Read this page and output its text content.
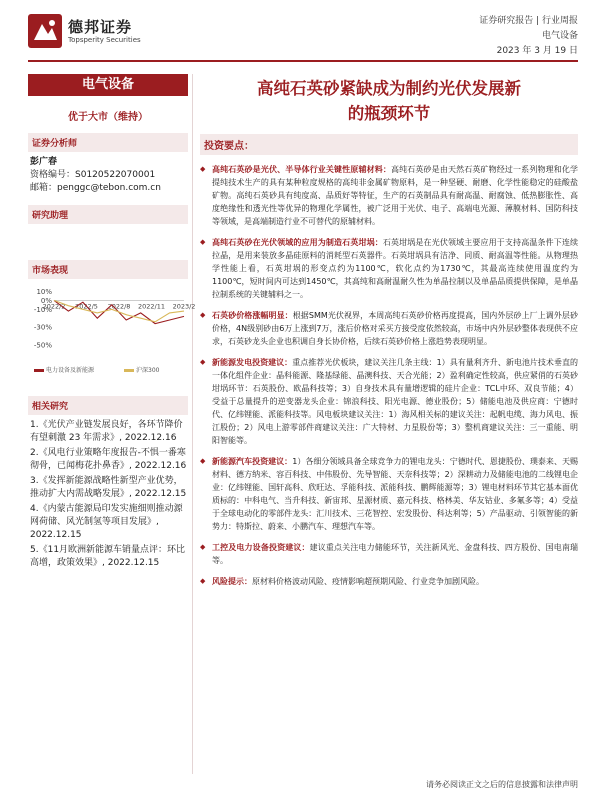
德邦证券
Topsperity Securities
证券研究报告 | 行业周报
电气设备
2023 年 3 月 19 日
电气设备
优于大市（维持）
证券分析师
彭广春
资格编号：S0120522070001
邮箱：penggc@tebon.com.cn
研究助理
市场表现
10%
0%
-10%
-30%
-50%
2022/2 2022/5 2022/8 2022/11 2023/2
电力设备及新能源	沪深300
相关研究
1.《光伏产业链发展良好，各环节降价有望刺激 23 年需求》, 2022.12.16
2.《风电行业策略年度报告-不惧一番寒彻骨，已闻梅花扑鼻香》, 2022.12.16
3.《发挥新能源战略性新型产业优势，推动扩大内需战略发展》, 2022.12.15
4.《内蒙古能源局印发实施细则推动源网荷储、风光制氢等项目发展》, 2022.12.15
5.《11月欧洲新能源车销量点评：环比高增，政策效果》, 2022.12.15
高纯石英砂紧缺成为制约光伏发展新
的瓶颈环节
投资要点：
◆ 高纯石英砂是光伏、半导体行业关键性原辅材料：高纯石英砂是由天然石英矿物经过一系列物理和化学提纯技术生产的具有某种粒度规格的高纯非金属矿物原料，是一种坚硬、耐磨、化学性能稳定的硅酸盐矿物。高纯石英砂具有纯度高、品质好等特征，生产的石英制品具有耐高温、耐腐蚀、低热膨胀性、高度绝缘性和透光性等优异的物理化学属性，被广泛用于光伏、电子、高端电光源、薄膜材料、国防科技等领域，是高端制造行业不可替代的原辅材料。
◆ 高纯石英砂在光伏领域的应用为制造石英坩埚：石英坩埚是在光伏领域主要应用于支持高温条件下连续拉晶，是用来装放多晶硅原料的消耗型石英器件。石英坩埚具有洁净、同质、耐高温等性能。从物理热学性能上看，石英坩埚的形变点约为1100℃，软化点约为1730℃，其最高连续使用温度约为1100℃，短时间内可达到1450℃，其高纯和高耐温耐久性为单晶拉制以及单晶品质提供保障，是单晶拉制系统的关键辅料之一。
◆ 石英砂价格涨幅明显：根据SMM光伏视界，本周高纯石英砂价格再度提高，国内外层砂上厂上调外层砂价格，4N级别砂由6万上涨到7万，涨后价格对采买方接受度依然较高，市场中内外层砂整体表现供不应求，石英砂龙头企业也积调自身长协价格，后续石英砂价格上涨趋势表现明显。
◆ 新能源发电投资建议：重点推荐光伏板块，建议关注几条主线：1）具有量利齐升、新电池片技术垂直的一体化组件企业：晶科能源、隆基绿能、晶澳科技、天合光能；2）盈利确定性较高，供应紧俏的石英砂坩埚环节：石英股份、欧晶科技等；3）自身技术具有量增逻辑的硅片企业：TCL中环、双良节能；4）受益于总量提升的逆变器龙头企业：锦浪科技、阳光电源、德业股份；5）储能电池及供应商：宁德时代、亿纬锂能、派能科技等。风电板块建议关注：1）海风相关标的建议关注：起帆电缆、海力风电、振江股份；2）风电上游零部件商建议关注：广大特材、力星股份等；3）整机商建议关注：三一重能、明阳智能等。
◆ 新能源汽车投资建议：1）各细分领域具备全球竞争力的锂电龙头：宁德时代、恩捷股份、璞泰来、天赐材料、德方纳米、容百科技、中伟股份、先导智能、天奈科技等；2）深耕动力及储能电池的二线锂电企业：亿纬锂能、国轩高科、欣旺达、孚能科技、派能科技、鹏辉能源等；3）锂电材料环节其它基本面优质标的：中科电气、当升科技、新宙邦、星源材质、嘉元科技、格林美、华友钴业、多氟多等；4）受益于全球电动化的零部件龙头：汇川技术、三花智控、宏发股份、科达利等；5）产品驱动、引领智能的新势力：特斯拉、蔚来、小鹏汽车、理想汽车等。
◆ 工控及电力设备投资建议：建议重点关注电力储能环节，关注新风光、金盘科技、四方股份、国电南瑞等。
◆ 风险提示：原材料价格波动风险、疫情影响超预期风险、行业竞争加剧风险。
请务必阅读正文之后的信息披露和法律声明
